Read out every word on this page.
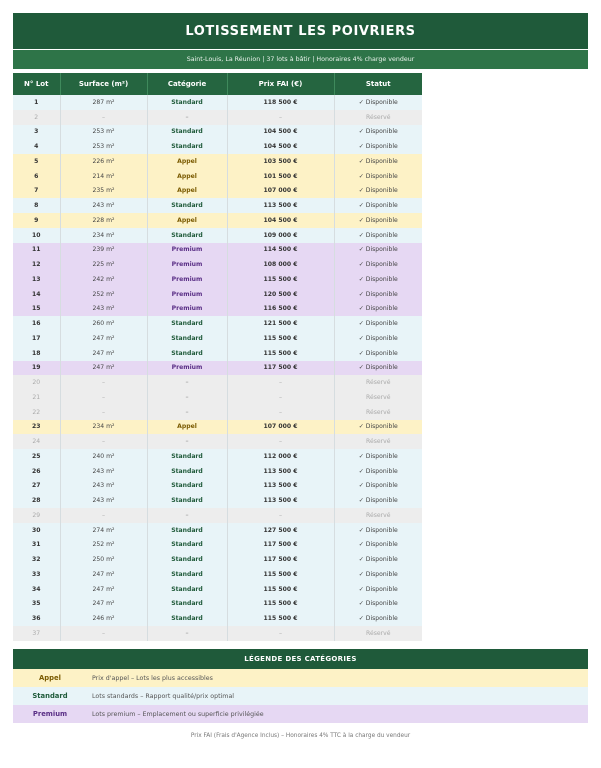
LOTISSEMENT LES POIVRIERS
Saint-Louis, La Réunion | 37 lots à bâtir | Honoraires 4% charge vendeur
N° Lot	Surface (m²)	Catégorie	Prix FAI (€)	Statut
1	287 m²	Standard	118 500 €	✓ Disponible
2	–	–	–	Réservé
3	253 m²	Standard	104 500 €	✓ Disponible
4	253 m²	Standard	104 500 €	✓ Disponible
5	226 m²	Appel	103 500 €	✓ Disponible
6	214 m²	Appel	101 500 €	✓ Disponible
7	235 m²	Appel	107 000 €	✓ Disponible
8	243 m²	Standard	113 500 €	✓ Disponible
9	228 m²	Appel	104 500 €	✓ Disponible
10	234 m²	Standard	109 000 €	✓ Disponible
11	239 m²	Premium	114 500 €	✓ Disponible
12	225 m²	Premium	108 000 €	✓ Disponible
13	242 m²	Premium	115 500 €	✓ Disponible
14	252 m²	Premium	120 500 €	✓ Disponible
15	243 m²	Premium	116 500 €	✓ Disponible
16	260 m²	Standard	121 500 €	✓ Disponible
17	247 m²	Standard	115 500 €	✓ Disponible
18	247 m²	Standard	115 500 €	✓ Disponible
19	247 m²	Premium	117 500 €	✓ Disponible
20	–	–	–	Réservé
21	–	–	–	Réservé
22	–	–	–	Réservé
23	234 m²	Appel	107 000 €	✓ Disponible
24	–	–	–	Réservé
25	240 m²	Standard	112 000 €	✓ Disponible
26	243 m²	Standard	113 500 €	✓ Disponible
27	243 m²	Standard	113 500 €	✓ Disponible
28	243 m²	Standard	113 500 €	✓ Disponible
29	–	–	–	Réservé
30	274 m²	Standard	127 500 €	✓ Disponible
31	252 m²	Standard	117 500 €	✓ Disponible
32	250 m²	Standard	117 500 €	✓ Disponible
33	247 m²	Standard	115 500 €	✓ Disponible
34	247 m²	Standard	115 500 €	✓ Disponible
35	247 m²	Standard	115 500 €	✓ Disponible
36	246 m²	Standard	115 500 €	✓ Disponible
37	–	–	–	Réservé
LÉGENDE DES CATÉGORIES
Appel	Prix d'appel – Lots les plus accessibles
Standard	Lots standards – Rapport qualité/prix optimal
Premium	Lots premium – Emplacement ou superficie privilégiée
Prix FAI (Frais d'Agence Inclus) – Honoraires 4% TTC à la charge du vendeur
